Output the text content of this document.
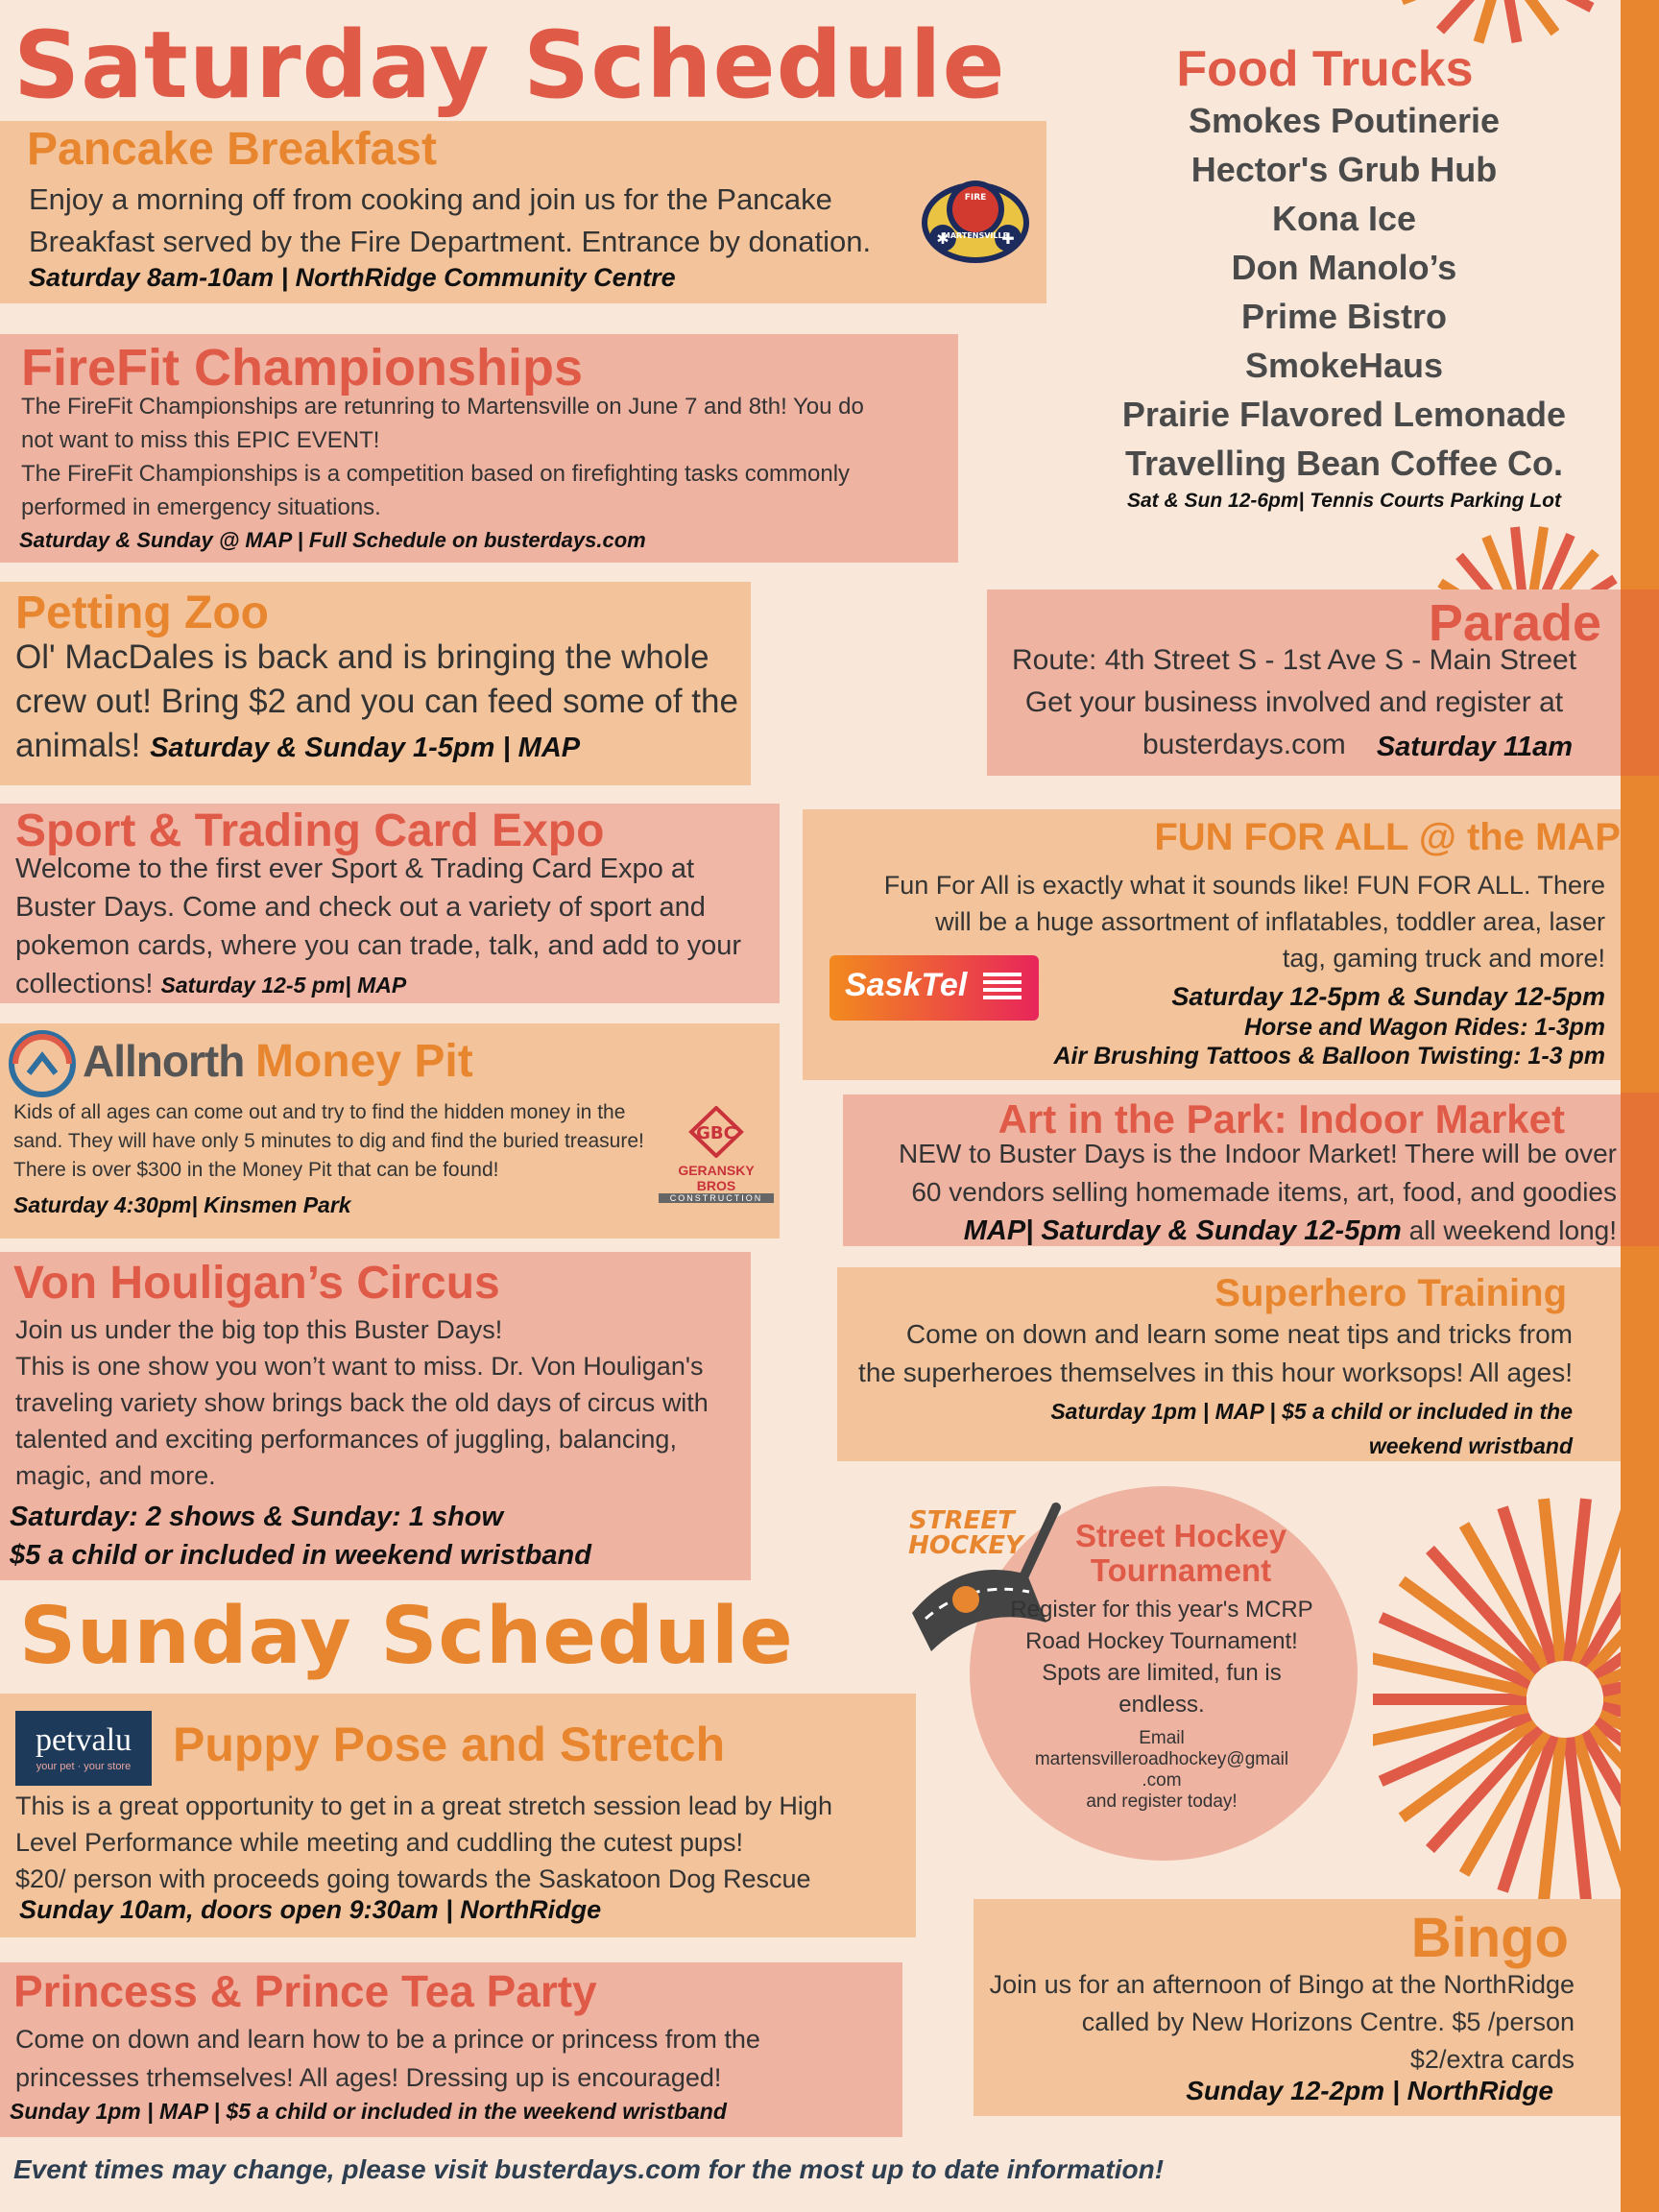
Saturday Schedule	Food Trucks
Smokes Poutinerie
Hector's Grub Hub
Kona Ice
Don Manolo’s
Prime Bistro
SmokeHaus
Prairie Flavored Lemonade
Travelling Bean Coffee Co.
Sat & Sun 12-6pm| Tennis Courts Parking Lot
Pancake Breakfast

Enjoy a morning off from cooking and join us for the Pancake

Breakfast served by the Fire Department. Entrance by donation.

Saturday 8am-10am | NorthRidge Community Centre
✱	✚
MARTENSVILLE
FIRE
FireFit Championships

The FireFit Championships are retunring to Martensville on June 7 and 8th! You do

not want to miss this EPIC EVENT!

The FireFit Championships is a competition based on firefighting tasks commonly

performed in emergency situations.

Saturday & Sunday @ MAP | Full Schedule on busterdays.com
Petting Zoo

Ol' MacDales is back and is bringing the whole

crew out! Bring $2 and you can feed some of the

animals! Saturday & Sunday 1-5pm | MAP

Parade

Route: 4th Street S - 1st Ave S - Main Street

Get your business involved and register at

busterdays.com Saturday 11am
Sport & Trading Card Expo

Welcome to the first ever Sport & Trading Card Expo at

Buster Days. Come and check out a variety of sport and

pokemon cards, where you can trade, talk, and add to your

collections! Saturday 12-5 pm| MAP

FUN FOR ALL @ the MAP

Fun For All is exactly what it sounds like! FUN FOR ALL. There

will be a huge assortment of inflatables, toddler area, laser

tag, gaming truck and more!

Saturday 12-5pm & Sunday 12-5pm
Horse and Wagon Rides: 1-3pm
Air Brushing Tattoos & Balloon Twisting: 1-3 pm
SaskTel
Allnorth Money Pit

Kids of all ages can come out and try to find the hidden money in the

sand. They will have only 5 minutes to dig and find the buried treasure!

There is over $300 in the Money Pit that can be found!

Saturday 4:30pm| Kinsmen Park
GBC
GERANSKY BROS
CONSTRUCTION
Art in the Park: Indoor Market

NEW to Buster Days is the Indoor Market! There will be over

60 vendors selling homemade items, art, food, and goodies

MAP| Saturday & Sunday 12-5pm all weekend long!

Von Houligan’s Circus

Join us under the big top this Buster Days!

This is one show you won’t want to miss. Dr. Von Houligan's

traveling variety show brings back the old days of circus with

talented and exciting performances of juggling, balancing,

magic, and more.

Saturday: 2 shows & Sunday: 1 show

$5 a child or included in weekend wristband

Superhero Training

Come on down and learn some neat tips and tricks from

the superheroes themselves in this hour worksops! All ages!

Saturday 1pm | MAP | $5 a child or included in the

weekend wristband

STREET
HOCKEY	Street Hockey

Tournament

Register for this year's MCRP

Road Hockey Tournament!

Spots are limited, fun is

endless.

Email

martensvilleroadhockey@gmail

.com

and register today!

Sunday Schedule
petvalu
your pet · your store Puppy Pose and Stretch

This is a great opportunity to get in a great stretch session lead by High

Level Performance while meeting and cuddling the cutest pups!

$20/ person with proceeds going towards the Saskatoon Dog Rescue

Sunday 10am, doors open 9:30am | NorthRidge	Bingo

Join us for an afternoon of Bingo at the NorthRidge

called by New Horizons Centre. $5 /person

$2/extra cards

Sunday 12-2pm | NorthRidge
Princess & Prince Tea Party

Come on down and learn how to be a prince or princess from the

princesses trhemselves! All ages! Dressing up is encouraged!

Sunday 1pm | MAP | $5 a child or included in the weekend wristband
Event times may change, please visit busterdays.com for the most up to date information!
